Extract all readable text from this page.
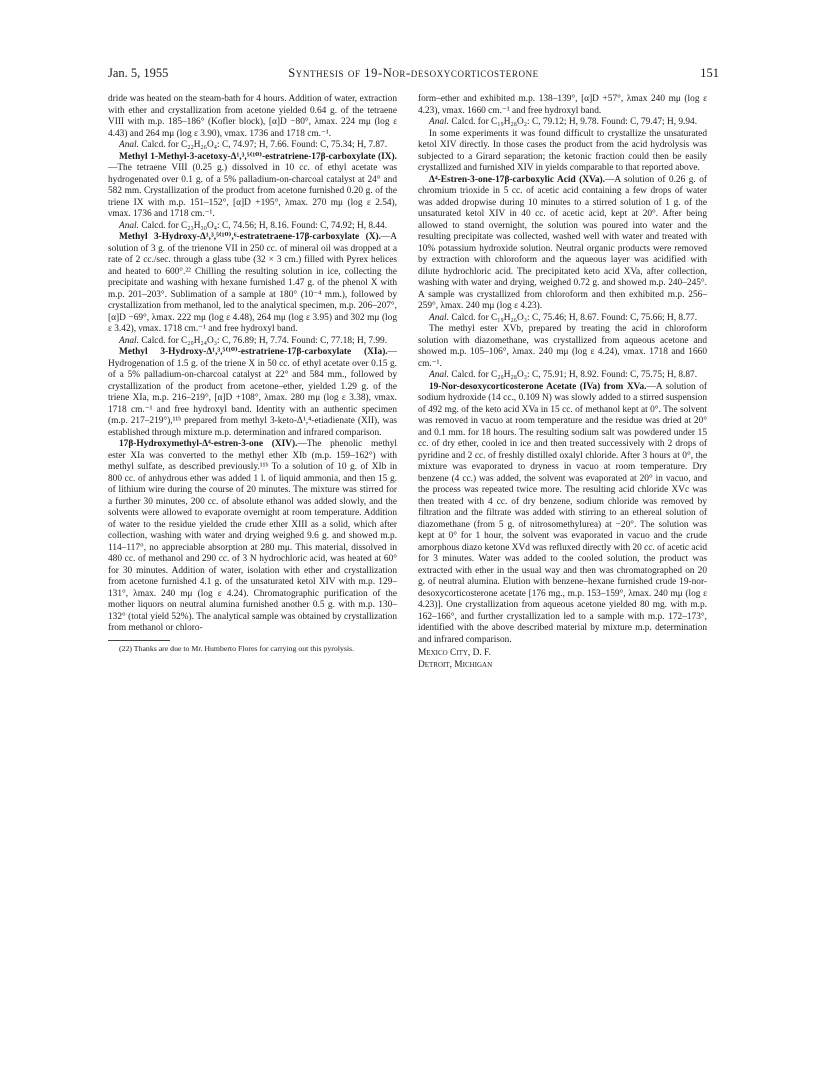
Jan. 5, 1955	Synthesis of 19-Nor-desoxycorticosterone	151

dride was heated on the steam-bath for 4 hours. Addition of water, extraction with ether and crystallization from acetone yielded 0.64 g. of the tetraene VIII with m.p. 185–186° (Kofler block), [α]D −80°, λmax. 224 mμ (log ε 4.43) and 264 mμ (log ε 3.90), νmax. 1736 and 1718 cm.⁻¹.

Anal. Calcd. for C₂₂H₂₆O₄: C, 74.97; H, 7.66. Found: C, 75.34; H, 7.87.

Methyl 1-Methyl-3-acetoxy-Δ¹,³,⁵⁽¹⁰⁾-estratriene-17β-carboxylate (IX).—The tetraene VIII (0.25 g.) dissolved in 10 cc. of ethyl acetate was hydrogenated over 0.1 g. of a 5% palladium-on-charcoal catalyst at 24° and 582 mm. Crystallization of the product from acetone furnished 0.20 g. of the triene IX with m.p. 151–152°, [α]D +195°, λmax. 270 mμ (log ε 2.54), νmax. 1736 and 1718 cm.⁻¹.

Anal. Calcd. for C₂₃H₃₀O₄: C, 74.56; H, 8.16. Found: C, 74.92; H, 8.44.

Methyl 3-Hydroxy-Δ¹,³,⁵⁽¹⁰⁾,⁶-estratetraene-17β-carboxylate (X).—A solution of 3 g. of the trienone VII in 250 cc. of mineral oil was dropped at a rate of 2 cc./sec. through a glass tube (32 × 3 cm.) filled with Pyrex helices and heated to 600°.²² Chilling the resulting solution in ice, collecting the precipitate and washing with hexane furnished 1.47 g. of the phenol X with m.p. 201–203°. Sublimation of a sample at 180° (10⁻⁴ mm.), followed by crystallization from methanol, led to the analytical specimen, m.p. 206–207°, [α]D −69°, λmax. 222 mμ (log ε 4.48), 264 mμ (log ε 3.95) and 302 mμ (log ε 3.42), νmax. 1718 cm.⁻¹ and free hydroxyl band.

Anal. Calcd. for C₂₀H₂₄O₃: C, 76.89; H, 7.74. Found: C, 77.18; H, 7.99.

Methyl 3-Hydroxy-Δ¹,³,⁵⁽¹⁰⁾-estratriene-17β-carboxylate (XIa).—Hydrogenation of 1.5 g. of the triene X in 50 cc. of ethyl acetate over 0.15 g. of a 5% palladium-on-charcoal catalyst at 22° and 584 mm., followed by crystallization of the product from acetone–ether, yielded 1.29 g. of the triene XIa, m.p. 216–219°, [α]D +108°, λmax. 280 mμ (log ε 3.38), νmax. 1718 cm.⁻¹ and free hydroxyl band. Identity with an authentic specimen (m.p. 217–219°),¹¹ᵇ prepared from methyl 3-keto-Δ¹,⁴-etiadienate (XII), was established through mixture m.p. determination and infrared comparison.

17β-Hydroxymethyl-Δ⁴-estren-3-one (XIV).—The phenolic methyl ester XIa was converted to the methyl ether XIb (m.p. 159–162°) with methyl sulfate, as described previously.¹¹ᵇ To a solution of 10 g. of XIb in 800 cc. of anhydrous ether was added 1 l. of liquid ammonia, and then 15 g. of lithium wire during the course of 20 minutes. The mixture was stirred for a further 30 minutes, 200 cc. of absolute ethanol was added slowly, and the solvents were allowed to evaporate overnight at room temperature. Addition of water to the residue yielded the crude ether XIII as a solid, which after collection, washing with water and drying weighed 9.6 g. and showed m.p. 114–117°, no appreciable absorption at 280 mμ. This material, dissolved in 480 cc. of methanol and 290 cc. of 3 N hydrochloric acid, was heated at 60° for 30 minutes. Addition of water, isolation with ether and crystallization from acetone furnished 4.1 g. of the unsaturated ketol XIV with m.p. 129–131°, λmax. 240 mμ (log ε 4.24). Chromatographic purification of the mother liquors on neutral alumina furnished another 0.5 g. with m.p. 130–132° (total yield 52%). The analytical sample was obtained by crystallization from methanol or chloro-

(22) Thanks are due to Mr. Humberto Flores for carrying out this pyrolysis.

form–ether and exhibited m.p. 138–139°, [α]D +57°, λmax 240 mμ (log ε 4.23), νmax. 1660 cm.⁻¹ and free hydroxyl band.

Anal. Calcd. for C₁₉H₂₈O₂: C, 79.12; H, 9.78. Found: C, 79.47; H, 9.94.

In some experiments it was found difficult to crystallize the unsaturated ketol XIV directly. In those cases the product from the acid hydrolysis was subjected to a Girard separation; the ketonic fraction could then be easily crystallized and furnished XIV in yields comparable to that reported above.

Δ⁴-Estren-3-one-17β-carboxylic Acid (XVa).—A solution of 0.26 g. of chromium trioxide in 5 cc. of acetic acid containing a few drops of water was added dropwise during 10 minutes to a stirred solution of 1 g. of the unsaturated ketol XIV in 40 cc. of acetic acid, kept at 20°. After being allowed to stand overnight, the solution was poured into water and the resulting precipitate was collected, washed well with water and treated with 10% potassium hydroxide solution. Neutral organic products were removed by extraction with chloroform and the aqueous layer was acidified with dilute hydrochloric acid. The precipitated keto acid XVa, after collection, washing with water and drying, weighed 0.72 g. and showed m.p. 240–245°. A sample was crystallized from chloroform and then exhibited m.p. 256–259°, λmax. 240 mμ (log ε 4.23).

Anal. Calcd. for C₁₉H₂₆O₃: C, 75.46; H, 8.67. Found: C, 75.66; H, 8.77.

The methyl ester XVb, prepared by treating the acid in chloroform solution with diazomethane, was crystallized from aqueous acetone and showed m.p. 105–106°, λmax. 240 mμ (log ε 4.24), νmax. 1718 and 1660 cm.⁻¹.

Anal. Calcd. for C₂₀H₂₈O₃: C, 75.91; H, 8.92. Found: C, 75.75; H, 8.87.

19-Nor-desoxycorticosterone Acetate (IVa) from XVa.—A solution of sodium hydroxide (14 cc., 0.109 N) was slowly added to a stirred suspension of 492 mg. of the keto acid XVa in 15 cc. of methanol kept at 0°. The solvent was removed in vacuo at room temperature and the residue was dried at 20° and 0.1 mm. for 18 hours. The resulting sodium salt was powdered under 15 cc. of dry ether, cooled in ice and then treated successively with 2 drops of pyridine and 2 cc. of freshly distilled oxalyl chloride. After 3 hours at 0°, the mixture was evaporated to dryness in vacuo at room temperature. Dry benzene (4 cc.) was added, the solvent was evaporated at 20° in vacuo, and the process was repeated twice more. The resulting acid chloride XVc was then treated with 4 cc. of dry benzene, sodium chloride was removed by filtration and the filtrate was added with stirring to an ethereal solution of diazomethane (from 5 g. of nitrosomethylurea) at −20°. The solution was kept at 0° for 1 hour, the solvent was evaporated in vacuo and the crude amorphous diazo ketone XVd was refluxed directly with 20 cc. of acetic acid for 3 minutes. Water was added to the cooled solution, the product was extracted with ether in the usual way and then was chromatographed on 20 g. of neutral alumina. Elution with benzene–hexane furnished crude 19-nor-desoxycorticosterone acetate [176 mg., m.p. 153–159°, λmax. 240 mμ (log ε 4.23)]. One crystallization from aqueous acetone yielded 80 mg. with m.p. 162–166°, and further crystallization led to a sample with m.p. 172–173°, identified with the above described material by mixture m.p. determination and infrared comparison.

Mexico City, D. F.
Detroit, Michigan
